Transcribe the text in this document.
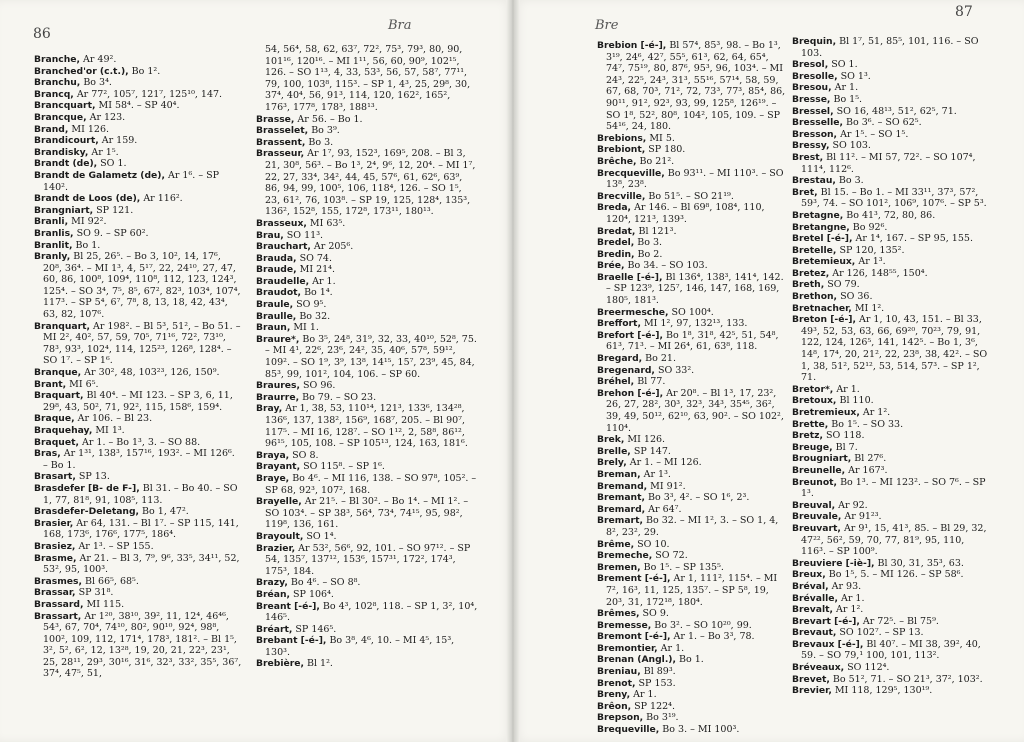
86
Bra

Branche, Ar 49².

Branched'or (c.t.), Bo 1².

Branchu, Bo 3⁴.

Brancq, Ar 77², 105⁷, 121⁷, 125¹⁰, 147.

Brancquart, MI 58⁴. – SP 40⁴.

Brancque, Ar 123.

Brand, MI 126.

Brandicourt, Ar 159.

Brandisky, Ar 1⁵.

Brandt (de), SO 1.

Brandt de Galametz (de), Ar 1⁶. – SP 140².

Brandt de Loos (de), Ar 116².

Brangniart, SP 121.

Branli, MI 92².

Branlis, SO 9. – SP 60².

Branlit, Bo 1.

Branly, Bl 25, 26⁵. – Bo 3, 10², 14, 17⁶, 20⁸, 36⁴. – MI 1³, 4, 5¹⁷, 22, 24¹⁰, 27, 47, 60, 86, 100⁸, 109⁴, 110⁸, 112, 123, 124³, 125⁴. – SO 3⁴, 7⁵, 8⁵, 67², 82³, 103⁴, 107⁴, 117³. – SP 5⁴, 6⁷, 7⁸, 8, 13, 18, 42, 43⁴, 63, 82, 107⁶.

Branquart, Ar 198². – Bl 5³, 51², – Bo 51. – MI 2², 40², 57, 59, 70⁵, 71¹⁶, 72², 73¹⁰, 78³, 93³, 102⁴, 114, 125²³, 126⁸, 128⁴. – SO 1⁷. – SP 1⁶.

Branque, Ar 30², 48, 103²³, 126, 150⁹.

Brant, MI 6⁵.

Braquart, Bl 40⁴. – MI 123. – SP 3, 6, 11, 29⁸, 43, 50², 71, 92², 115, 158⁶, 159⁴.

Braque, Ar 106. – Bl 23.

Braquehay, MI 1³.

Braquet, Ar 1. – Bo 1³, 3. – SO 88.

Bras, Ar 1³¹, 138³, 157¹⁶, 193². – MI 126⁶. – Bo 1.

Brasart, SP 13.

Brasdefer [B- de F-], Bl 31. – Bo 40. – SO 1, 77, 81⁸, 91, 108⁵, 113.

Brasdefer-Deletang, Bo 1, 47².

Brasier, Ar 64, 131. – Bl 1⁷. – SP 115, 141, 168, 173⁶, 176⁶, 177⁵, 186⁴.

Brasiez, Ar 1³. – SP 155.

Brasme, Ar 21. – Bl 3, 7⁹, 9⁶, 33⁵, 34¹¹, 52, 53², 95, 100³.

Brasmes, Bl 66⁵, 68⁵.

Brassar, SP 31⁸.

Brassard, MI 115.

Brassart, Ar 1²⁰, 38¹⁰, 39², 11, 12⁴, 46⁴⁶, 54³, 67, 70⁴, 74¹⁰, 80², 90¹⁰, 92⁴, 98⁸, 100², 109, 112, 171⁴, 178³, 181². – Bl 1⁵, 3², 5², 6², 12, 13²⁸, 19, 20, 21, 22³, 23¹, 25, 28¹¹, 29³, 30¹⁶, 31⁶, 32³, 33², 35⁵, 36⁷, 37⁴, 47⁵, 51,

54, 56⁴, 58, 62, 63⁷, 72², 75³, 79³, 80, 90, 101¹⁶, 120¹⁶. – MI 1¹¹, 56, 60, 90⁹, 102¹⁵, 126. – SO 1¹³, 4, 33, 53³, 56, 57, 58⁷, 77¹¹, 79, 100, 103⁸, 115³. – SP 1, 4³, 25, 29⁸, 30, 37⁴, 40⁴, 56, 91³, 114, 120, 162², 165², 176³, 177⁸, 178³, 188¹³.

Brasse, Ar 56. – Bo 1.

Brasselet, Bo 3⁹.

Brassent, Bo 3.

Brasseur, Ar 1⁷, 93, 152³, 169⁵, 208. – Bl 3, 21, 30⁸, 56³. – Bo 1³, 2⁴, 9⁶, 12, 20⁴. – MI 1⁷, 22, 27, 33⁴, 34², 44, 45, 57⁶, 61, 62⁶, 63⁹, 86, 94, 99, 100⁵, 106, 118⁴, 126. – SO 1⁵, 23, 61², 76, 103⁸. – SP 19, 125, 128⁴, 135³, 136², 152⁸, 155, 172⁸, 173¹¹, 180¹³.

Brasseux, MI 63⁵.

Brau, SO 11³.

Brauchart, Ar 205⁶.

Brauda, SO 74.

Braude, MI 21⁴.

Braudelle, Ar 1.

Braudot, Bo 1⁴.

Braule, SO 9⁵.

Braulle, Bo 32.

Braun, MI 1.

Braure*, Bo 3⁵, 24⁸, 31⁹, 32, 33, 40¹⁰, 52⁸, 75. – MI 4¹, 22⁶, 23⁶, 24², 35, 40⁶, 57⁸, 59¹², 109². – SO 1⁹, 3⁹, 13⁸, 14¹⁵, 15⁷, 23⁹, 45, 84, 85³, 99, 101², 104, 106. – SP 60.

Braures, SO 96.

Braurre, Bo 79. – SO 23.

Bray, Ar 1, 38, 53, 110¹⁴, 121³, 133⁶, 134²⁸, 136⁶, 137, 138², 156⁹, 168⁷, 205. – Bl 90⁷, 117⁵. – MI 16, 128⁷. – SO 1¹², 2, 58⁸, 86¹², 96¹⁵, 105, 108. – SP 105¹³, 124, 163, 181⁶.

Braya, SO 8.

Brayant, SO 115⁸. – SP 1⁶.

Braye, Bo 4⁶. – MI 116, 138. – SO 97⁸, 105². – SP 68, 92³, 107², 168.

Brayelle, Ar 21⁵. – Bl 30². – Bo 1⁴. – MI 1². – SO 103⁴. – SP 38³, 56⁴, 73⁴, 74¹⁵, 95, 98², 119⁸, 136, 161.

Brayoult, SO 1⁴.

Brazier, Ar 53², 56⁶, 92, 101. – SO 97¹². – SP 54, 135⁷, 137¹², 153⁶, 157³¹, 172², 174³, 175³, 184.

Brazy, Bo 4⁶. – SO 8⁸.

Bréan, SP 106⁴.

Breant [-é-], Bo 4³, 102⁸, 118. – SP 1, 3², 10⁴, 146⁵.

Bréart, SP 146⁵.

Brebant [-é-], Bo 3⁸, 4⁶, 10. – MI 4⁵, 15³, 130³.

Brebière, Bl 1².

87
Bre

Brebion [-é-], Bl 57⁴, 85³, 98. – Bo 1³, 3¹⁹, 24⁶, 42⁷, 55⁵, 61³, 62, 64, 65⁴, 74⁷, 75¹⁹, 80, 87⁶, 95³, 96, 103⁴. – MI 24³, 22⁵, 24³, 31³, 55¹⁶, 57¹⁴, 58, 59, 67, 68, 70³, 71², 72, 73³, 77³, 85⁴, 86, 90¹¹, 91², 92³, 93, 99, 125⁸, 126¹⁹. – SO 1⁸, 52², 80⁸, 104², 105, 109. – SP 54¹⁶, 24, 180.

Brebions, MI 5.

Brebiont, SP 180.

Brêche, Bo 21².

Brecqueville, Bo 93¹¹. – MI 110³. – SO 13⁸, 23⁸.

Brecville, Bo 51⁵. – SO 21¹⁹.

Breda, Ar 146. – Bl 69⁸, 108⁴, 110, 120⁴, 121³, 139³.

Bredat, Bl 121³.

Bredel, Bo 3.

Bredin, Bo 2.

Brée, Bo 34. – SO 103.

Braelle [-é-], Bl 136⁴, 138³, 141⁴, 142. – SP 123⁹, 125⁷, 146, 147, 168, 169, 180⁵, 181³.

Breermesche, SO 100⁴.

Breffort, MI 1², 97, 132¹³, 133.

Brefort [-é-], Bo 1⁸, 31⁸, 42⁵, 51, 54⁸, 61³, 71³. – MI 26⁴, 61, 63⁸, 118.

Bregard, Bo 21.

Bregenard, SO 33².

Bréhel, Bl 77.

Brehon [-é-], Ar 20⁸. – Bl 1³, 17, 23², 26, 27, 28², 30³, 32³, 34³, 35⁴⁵, 36², 39, 49, 50¹², 62¹⁰, 63, 90². – SO 102², 110⁴.

Brek, MI 126.

Brelle, SP 147.

Brely, Ar 1. – MI 126.

Breman, Ar 1³.

Bremand, MI 91².

Bremant, Bo 3³, 4². – SO 1⁶, 2³.

Bremard, Ar 64⁷.

Bremart, Bo 32. – MI 1², 3. – SO 1, 4, 8², 23², 29.

Brême, SO 10.

Bremeche, SO 72.

Bremen, Bo 1⁵. – SP 135⁵.

Brement [-é-], Ar 1, 111², 115⁴. – MI 7², 16³, 11, 125, 135⁷. – SP 5⁸, 19, 20³, 31, 172¹⁸, 180⁴.

Brêmes, SO 9.

Bremesse, Bo 3². – SO 10²⁰, 99.

Bremont [-é-], Ar 1. – Bo 3³, 78.

Bremontier, Ar 1.

Brenan (Angl.), Bo 1.

Breniau, Bl 89³.

Brenot, SP 153.

Breny, Ar 1.

Brêon, SP 122⁴.

Brepson, Bo 3¹⁹.

Brequeville, Bo 3. – MI 100³.

Brequin, Bl 1⁷, 51, 85⁵, 101, 116. – SO 103.

Bresol, SO 1.

Bresolle, SO 1³.

Bresou, Ar 1.

Bresse, Bo 1⁵.

Bressel, SO 16, 48¹³, 51², 62⁵, 71.

Bresselle, Bo 3⁶. – SO 62⁵.

Bresson, Ar 1⁵. – SO 1⁵.

Bressy, SO 103.

Brest, Bl 11². – MI 57, 72². – SO 107⁴, 111⁴, 112⁶.

Brestau, Bo 3.

Bret, Bl 15. – Bo 1. – MI 33¹¹, 37³, 57², 59³, 74. – SO 101², 106⁹, 107⁶. – SP 5³.

Bretagne, Bo 41³, 72, 80, 86.

Bretangne, Bo 92⁶.

Bretel [-é-], Ar 1⁴, 167. – SP 95, 155.

Bretelle, SP 120, 135².

Bretemieux, Ar 1³.

Bretez, Ar 126, 148⁵⁵, 150⁴.

Breth, SO 79.

Brethon, SO 36.

Bretnacher, MI 1².

Breton [-é-], Ar 1, 10, 43, 151. – Bl 33, 49³, 52, 53, 63, 66, 69²⁰, 70²³, 79, 91, 122, 124, 126⁵, 141, 142⁵. – Bo 1, 3⁶, 14⁸, 17⁴, 20, 21², 22, 23⁸, 38, 42². – SO 1, 38, 51², 52¹², 53, 514, 57³. – SP 1², 71.

Bretor*, Ar 1.

Bretoux, Bl 110.

Bretremieux, Ar 1².

Brette, Bo 1⁵. – SO 33.

Bretz, SO 118.

Breuge, Bl 7.

Brougniart, Bl 27⁶.

Breunelle, Ar 167³.

Breunot, Bo 1³. – MI 123². – SO 7⁶. – SP 1³.

Breuval, Ar 92.

Breuvale, Ar 91²³.

Breuvart, Ar 9¹, 15, 41³, 85. – Bl 29, 32, 47²², 56², 59, 70, 77, 81⁹, 95, 110, 116³. – SP 100⁹.

Breuviere [-iè-], Bl 30, 31, 35³, 63.

Breux, Bo 1⁵, 5. – MI 126. – SP 58⁶.

Bréval, Ar 93.

Brévalle, Ar 1.

Brevalt, Ar 1².

Brevart [-é-], Ar 72⁵. – Bl 75⁹.

Brevaut, SO 102⁷. – SP 13.

Brevaux [-é-], Bl 40⁷. – MI 38, 39², 40, 59. – SO 79,¹ 100, 101, 113².

Bréveaux, SO 112⁴.

Brevet, Bo 51², 71. – SO 21³, 37², 103².

Brevier, MI 118, 129⁵, 130¹⁹.
